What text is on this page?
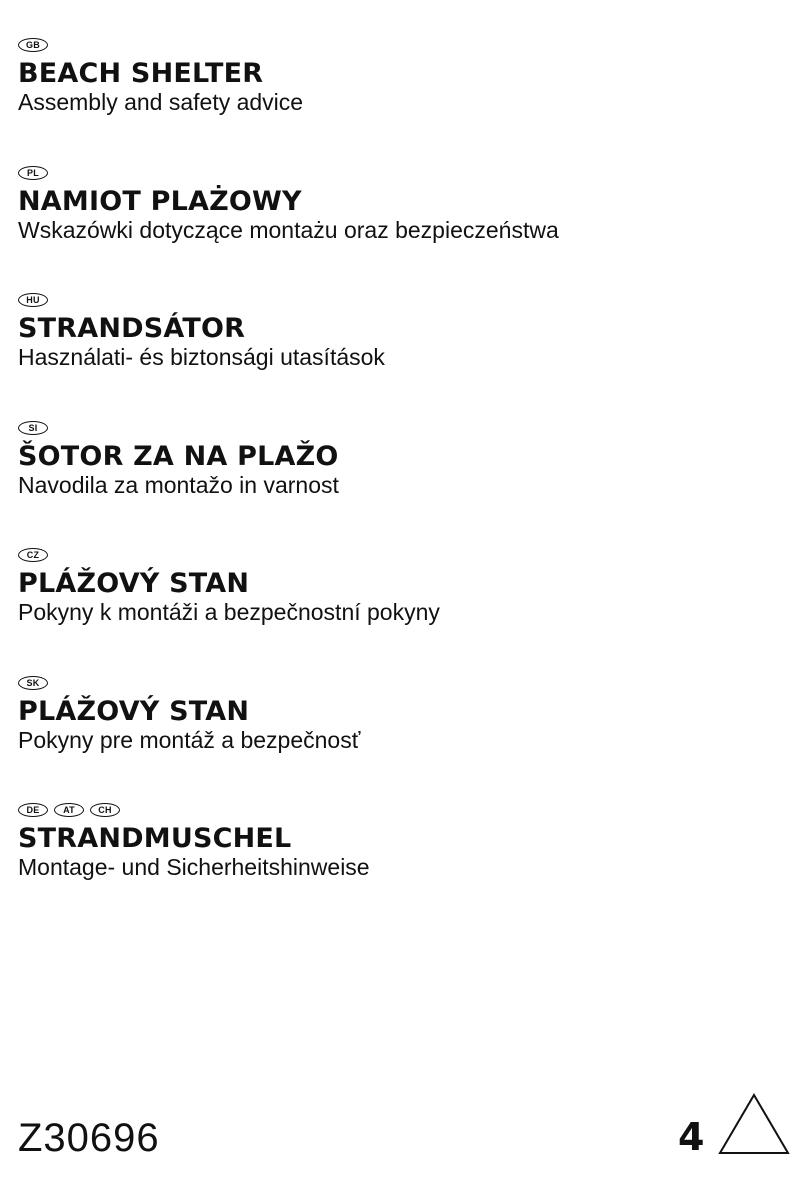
GB
BEACH SHELTER
Assembly and safety advice
PL
NAMIOT PLAŻOWY
Wskazówki dotyczące montażu oraz bezpieczeństwa
HU
STRANDSÁTOR
Használati- és biztonsági utasítások
SI
ŠOTOR ZA NA PLAŽO
Navodila za montažo in varnost
CZ
PLÁŽOVÝ STAN
Pokyny k montáži a bezpečnostní pokyny
SK
PLÁŽOVÝ STAN
Pokyny pre montáž a bezpečnosť
DE	AT	CH
STRANDMUSCHEL
Montage- und Sicherheitshinweise
Z30696	4
